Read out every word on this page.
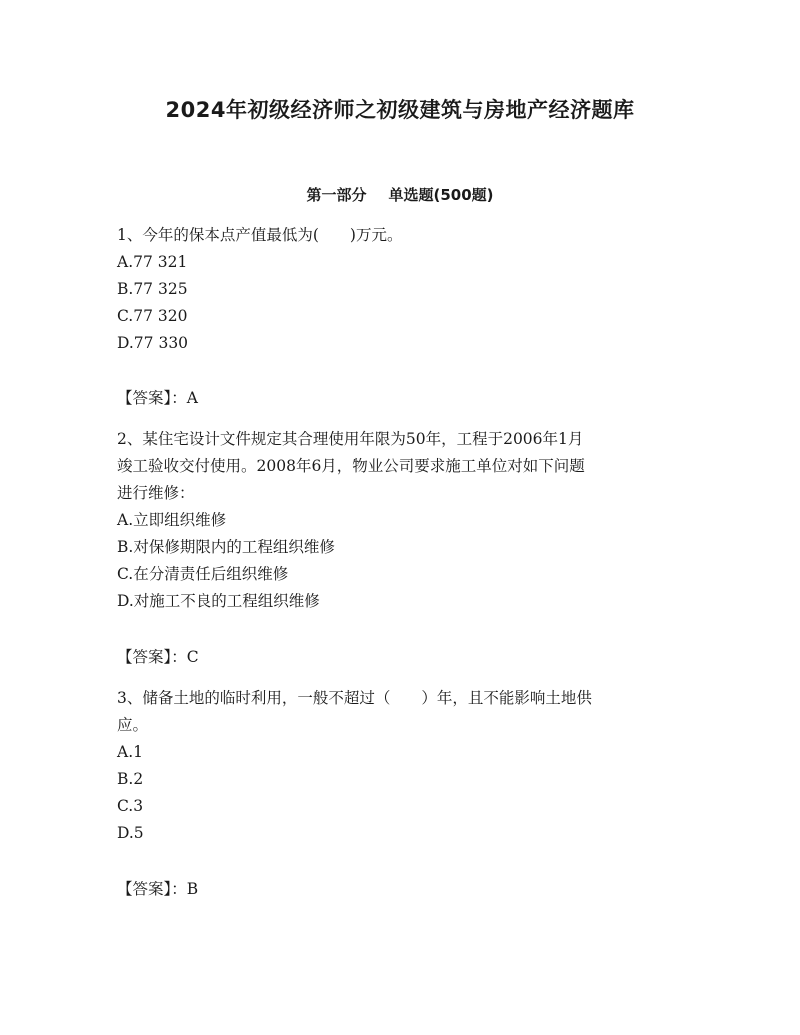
2024年初级经济师之初级建筑与房地产经济题库
第一部分 单选题(500题)

1、今年的保本点产值最低为(　　)万元。

A.77 321

B.77 325

C.77 320

D.77 330

【答案】：A

2、某住宅设计文件规定其合理使用年限为50年，工程于2006年1月

竣工验收交付使用。2008年6月，物业公司要求施工单位对如下问题

进行维修：

A.立即组织维修

B.对保修期限内的工程组织维修

C.在分清责任后组织维修

D.对施工不良的工程组织维修

【答案】：C

3、储备土地的临时利用，一般不超过（　　）年，且不能影响土地供

应。

A.1

B.2

C.3

D.5

【答案】：B
